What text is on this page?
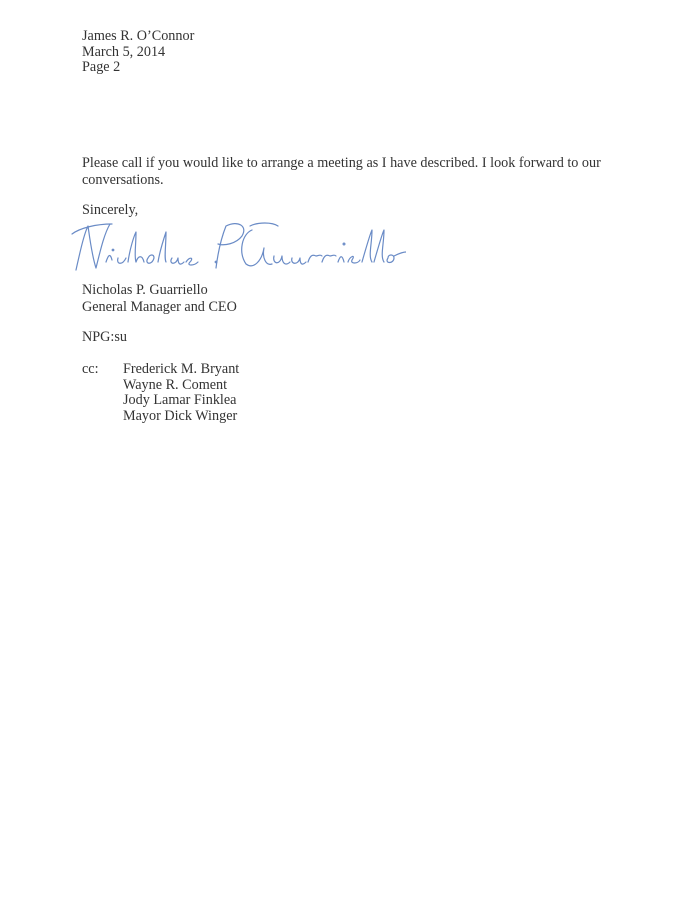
James R. O’Connor
March 5, 2014
Page 2
Please call if you would like to arrange a meeting as I have described. I look forward to our
conversations.
Sincerely,
Nicholas P. Guarriello
General Manager and CEO
NPG:su
cc: Frederick M. Bryant
Wayne R. Coment
Jody Lamar Finklea
Mayor Dick Winger
